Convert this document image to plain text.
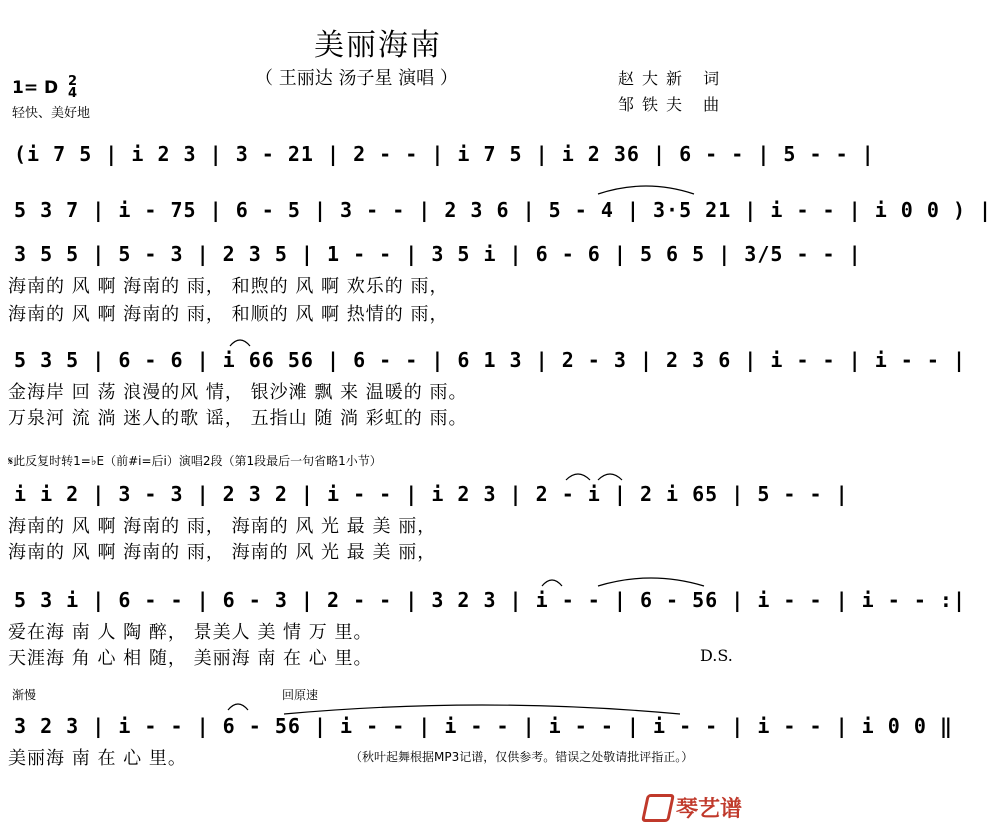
美丽海南
（ 王丽达 汤子星 演唱 ）	赵大新 词
邹铁夫 曲
1= D 2
4
轻快、美好地
(i 7 5 | i 2 3 | 3 - 21 | 2 - - | i 7 5 | i 2 36 | 6 - - | 5 - - |
5 3 7 | i - 75 | 6 - 5 | 3 - - | 2 3 6 | 5 - 4 | 3·5 21 | i - - | i 0 0 ) |
3 5 5 | 5 - 3 | 2 3 5 | 1 - - | 3 5 i | 6 - 6 | 5 6 5 | 3/5 - - |
海南的 风 啊 海南的 雨， 和煦的 风 啊 欢乐的 雨，
海南的 风 啊 海南的 雨， 和顺的 风 啊 热情的 雨，
5 3 5 | 6 - 6 | i 66 56 | 6 - - | 6 1 3 | 2 - 3 | 2 3 6 | i - - | i - - |
金海岸 回 荡 浪漫的风 情， 银沙滩 飘 来 温暖的 雨。
万泉河 流 淌 迷人的歌 谣， 五指山 随 淌 彩虹的 雨。
𝄋此反复时转1=♭E（前#i=后i）演唱2段（第1段最后一句省略1小节）
i i 2 | 3 - 3 | 2 3 2 | i - - | i 2 3 | 2 - i | 2 i 65 | 5 - - |
海南的 风 啊 海南的 雨， 海南的 风 光 最 美 丽，
海南的 风 啊 海南的 雨， 海南的 风 光 最 美 丽，
5 3 i | 6 - - | 6 - 3 | 2 - - | 3 2 3 | i - - | 6 - 56 | i - - | i - - :|
爱在海 南 人 陶 醉， 景美人 美 情 万 里。
天涯海 角 心 相 随， 美丽海 南 在 心 里。	D.S.
渐慢	回原速
3 2 3 | i - - | 6 - 56 | i - - | i - - | i - - | i - - | i - - | i 0 0 ‖
美丽海 南 在 心 里。	（秋叶起舞根据MP3记谱，仅供参考。错误之处敬请批评指正。）
琴艺谱
